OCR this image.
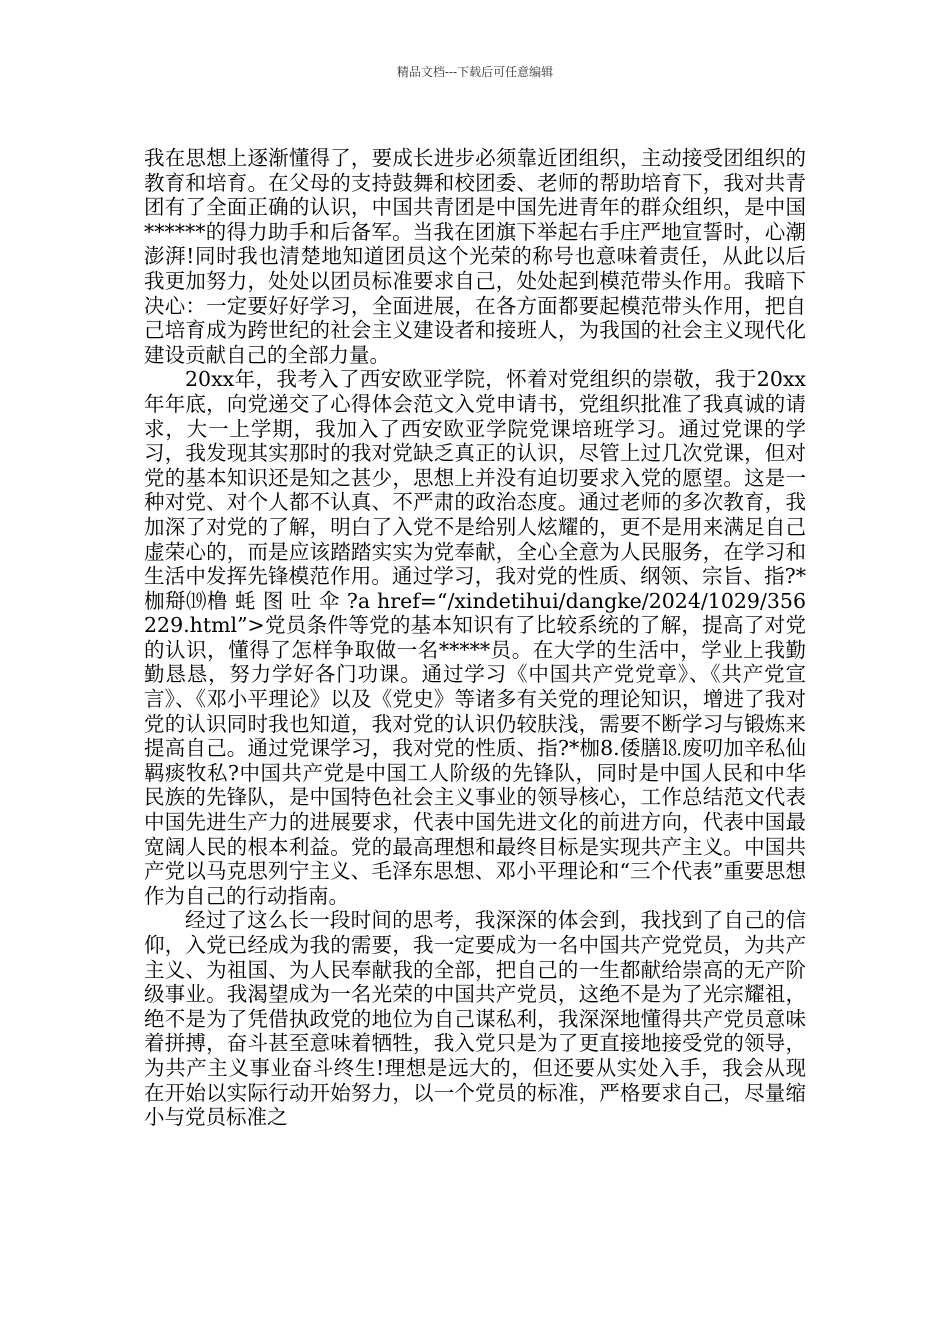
精品文档---下载后可任意编辑

我在思想上逐渐懂得了，要成长进步必须靠近团组织，主动接受团组织的教育和培育。在父母的支持鼓舞和校团委、老师的帮助培育下，我对共青团有了全面正确的认识，中国共青团是中国先进青年的群众组织，是中国******的得力助手和后备军。当我在团旗下举起右手庄严地宣誓时，心潮澎湃!同时我也清楚地知道团员这个光荣的称号也意味着责任，从此以后我更加努力，处处以团员标准要求自己，处处起到模范带头作用。我暗下决心：一定要好好学习，全面进展，在各方面都要起模范带头作用，把自己培育成为跨世纪的社会主义建设者和接班人，为我国的社会主义现代化建设贡献自己的全部力量。

20xx年，我考入了西安欧亚学院，怀着对党组织的崇敬，我于20xx年年底，向党递交了心得体会范文入党申请书，党组织批准了我真诚的请求，大一上学期，我加入了西安欧亚学院党课培班学习。通过党课的学习，我发现其实那时的我对党缺乏真正的认识，尽管上过几次党课，但对党的基本知识还是知之甚少，思想上并没有迫切要求入党的愿望。这是一种对党、对个人都不认真、不严肃的政治态度。通过老师的多次教育，我加深了对党的了解，明白了入党不是给别人炫耀的，更不是用来满足自己虚荣心的，而是应该踏踏实实为党奉献，全心全意为人民服务，在学习和生活中发挥先锋模范作用。通过学习，我对党的性质、纲领、宗旨、指?*枷搿⒆橹 蚝 图 吐 伞 ?a href=“/xindetihui/dangke/2024/1029/356229.html”>党员条件等党的基本知识有了比较系统的了解，提高了对党的认识，懂得了怎样争取做一名*****员。在大学的生活中，学业上我勤勤恳恳，努力学好各门功课。通过学习《中国共产党党章》、《共产党宣言》、《邓小平理论》以及《党史》等诸多有关党的理论知识，增进了我对党的认识同时我也知道，我对党的认识仍较肤浅，需要不断学习与锻炼来提高自己。通过党课学习，我对党的性质、指?*枷8.倭膳⒙废叨加辛私仙羁痰牧私?中国共产党是中国工人阶级的先锋队，同时是中国人民和中华民族的先锋队，是中国特色社会主义事业的领导核心，工作总结范文代表中国先进生产力的进展要求，代表中国先进文化的前进方向，代表中国最宽阔人民的根本利益。党的最高理想和最终目标是实现共产主义。中国共产党以马克思列宁主义、毛泽东思想、邓小平理论和“三个代表”重要思想作为自己的行动指南。

经过了这么长一段时间的思考，我深深的体会到，我找到了自己的信仰，入党已经成为我的需要，我一定要成为一名中国共产党党员，为共产主义、为祖国、为人民奉献我的全部，把自己的一生都献给崇高的无产阶级事业。我渴望成为一名光荣的中国共产党员，这绝不是为了光宗耀祖，绝不是为了凭借执政党的地位为自己谋私利，我深深地懂得共产党员意味着拼搏，奋斗甚至意味着牺牲，我入党只是为了更直接地接受党的领导，为共产主义事业奋斗终生!理想是远大的，但还要从实处入手，我会从现在开始以实际行动开始努力，以一个党员的标准，严格要求自己，尽量缩小与党员标准之
